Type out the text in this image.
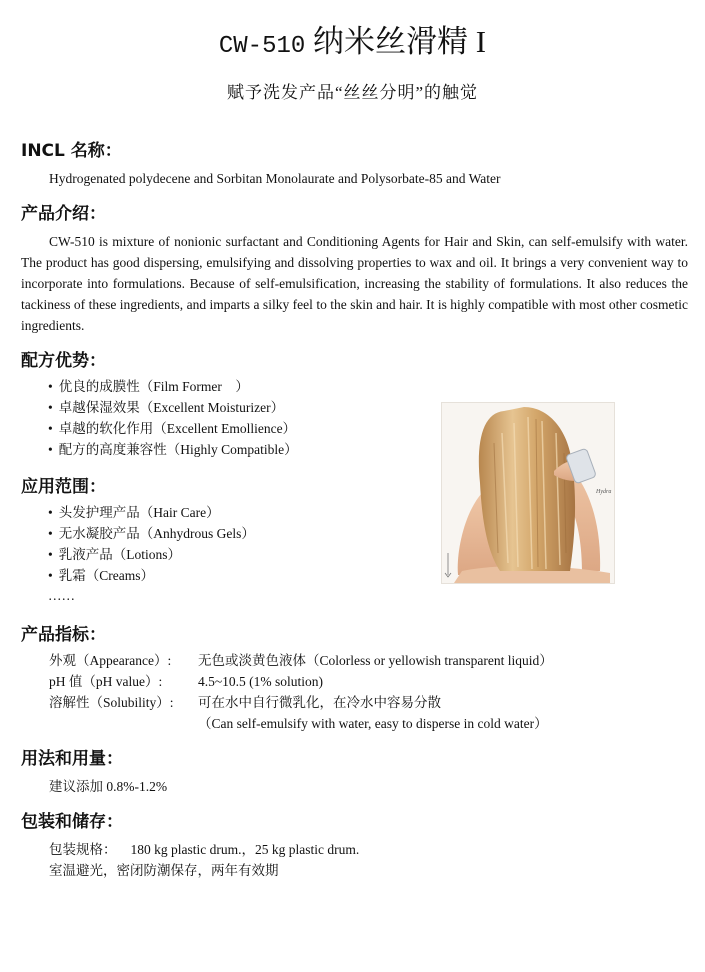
CW-510 纳米丝滑精 I
赋予洗发产品“丝丝分明”的触觉
INCL 名称：
Hydrogenated polydecene and Sorbitan Monolaurate and Polysorbate-85 and Water
产品介绍：
CW-510 is mixture of nonionic surfactant and Conditioning Agents for Hair and Skin, can self-emulsify with water. The product has good dispersing, emulsifying and dissolving properties to wax and oil. It brings a very convenient way to incorporate into formulations. Because of self-emulsification, increasing the stability of formulations. It also reduces the tackiness of these ingredients, and imparts a silky feel to the skin and hair. It is highly compatible with most other cosmetic ingredients.
配方优势：
• 优良的成膜性（Film Former　）
• 卓越保湿效果（Excellent Moisturizer）
• 卓越的软化作用（Excellent Emollience）
• 配方的高度兼容性（Highly Compatible）
应用范围：
• 头发护理产品（Hair Care）
• 无水凝胶产品（Anhydrous Gels）
• 乳液产品（Lotions）
• 乳霜（Creams）
……
Hydra
产品指标：
外观（Appearance）:	无色或淡黄色液体（Colorless or yellowish transparent liquid）
pH 值（pH value）:	4.5~10.5 (1% solution)
溶解性（Solubility）:	可在水中自行微乳化，在冷水中容易分散
（Can self-emulsify with water, easy to disperse in cold water）
用法和用量：
建议添加 0.8%-1.2%
包装和储存：
包装规格： 180 kg plastic drum.，25 kg plastic drum.
室温避光，密闭防潮保存，两年有效期
